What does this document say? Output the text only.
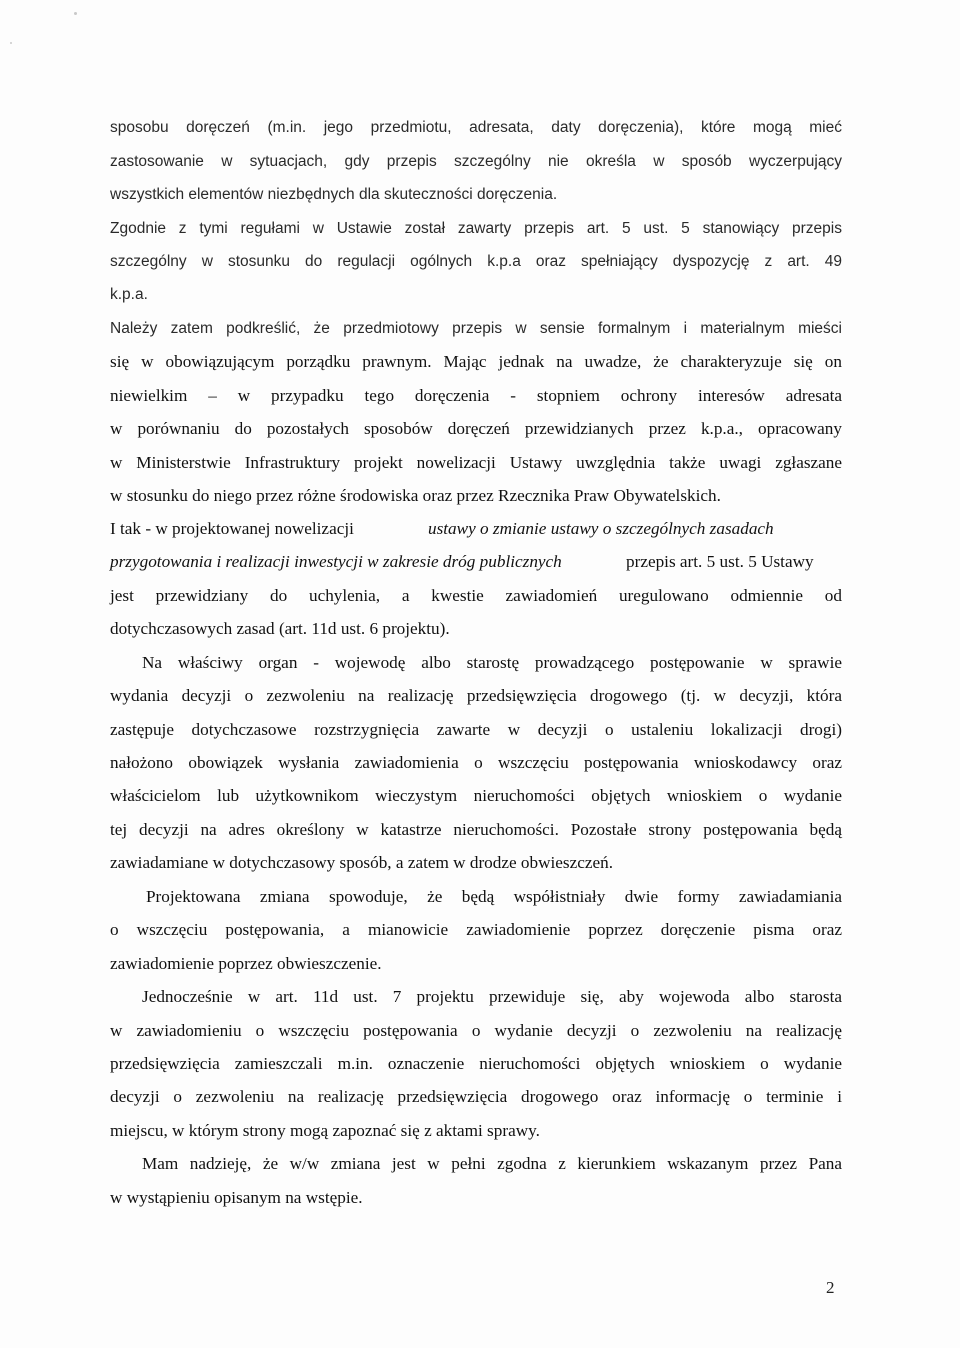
sposobu doręczeń (m.in. jego przedmiotu, adresata, daty doręczenia), które mogą mieć
zastosowanie w sytuacjach, gdy przepis szczególny nie określa w sposób wyczerpujący
wszystkich elementów niezbędnych dla skuteczności doręczenia.
Zgodnie z tymi regułami w Ustawie został zawarty przepis art. 5 ust. 5 stanowiący przepis
szczególny w stosunku do regulacji ogólnych k.p.a oraz spełniający dyspozycję z art. 49
k.p.a.
Należy zatem podkreślić, że przedmiotowy przepis w sensie formalnym i materialnym mieści
się w obowiązującym porządku prawnym. Mając jednak na uwadze, że charakteryzuje się on
niewielkim – w przypadku tego doręczenia - stopniem ochrony interesów adresata
w porównaniu do pozostałych sposobów doręczeń przewidzianych przez k.p.a., opracowany
w Ministerstwie Infrastruktury projekt nowelizacji Ustawy uwzględnia także uwagi zgłaszane
w stosunku do niego przez różne środowiska oraz przez Rzecznika Praw Obywatelskich.
I tak - w projektowanej nowelizacji	ustawy o zmianie ustawy o szczególnych zasadach
przygotowania i realizacji inwestycji w zakresie dróg publicznych	przepis art. 5 ust. 5 Ustawy
jest przewidziany do uchylenia, a kwestie zawiadomień uregulowano odmiennie od
dotychczasowych zasad (art. 11d ust. 6 projektu).
Na właściwy organ - wojewodę albo starostę prowadzącego postępowanie w sprawie
wydania decyzji o zezwoleniu na realizację przedsięwzięcia drogowego (tj. w decyzji, która
zastępuje dotychczasowe rozstrzygnięcia zawarte w decyzji o ustaleniu lokalizacji drogi)
nałożono obowiązek wysłania zawiadomienia o wszczęciu postępowania wnioskodawcy oraz
właścicielom lub użytkownikom wieczystym nieruchomości objętych wnioskiem o wydanie
tej decyzji na adres określony w katastrze nieruchomości. Pozostałe strony postępowania będą
zawiadamiane w dotychczasowy sposób, a zatem w drodze obwieszczeń.
Projektowana zmiana spowoduje, że będą współistniały dwie formy zawiadamiania
o wszczęciu postępowania, a mianowicie zawiadomienie poprzez doręczenie pisma oraz
zawiadomienie poprzez obwieszczenie.
Jednocześnie w art. 11d ust. 7 projektu przewiduje się, aby wojewoda albo starosta
w zawiadomieniu o wszczęciu postępowania o wydanie decyzji o zezwoleniu na realizację
przedsięwzięcia zamieszczali m.in. oznaczenie nieruchomości objętych wnioskiem o wydanie
decyzji o zezwoleniu na realizację przedsięwzięcia drogowego oraz informację o terminie i
miejscu, w którym strony mogą zapoznać się z aktami sprawy.
Mam nadzieję, że w/w zmiana jest w pełni zgodna z kierunkiem wskazanym przez Pana
w wystąpieniu opisanym na wstępie.
2
